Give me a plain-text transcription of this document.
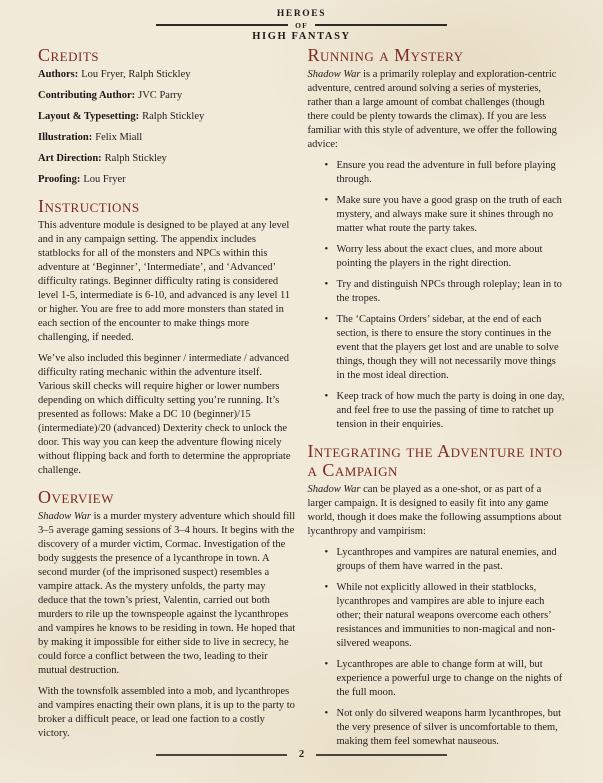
HEROES
OF
HIGH FANTASY
Credits

Authors: Lou Fryer, Ralph Stickley

Contributing Author: JVC Parry

Layout & Typesetting: Ralph Stickley

Illustration: Felix Miall

Art Direction: Ralph Stickley

Proofing: Lou Fryer

Instructions

This adventure module is designed to be played at any level and in any campaign setting. The appendix includes statblocks for all of the monsters and NPCs within this adventure at ‘Beginner’, ‘Intermediate’, and ‘Advanced’ difficulty ratings. Beginner difficulty rating is considered level 1-5, intermediate is 6-10, and advanced is any level 11 or higher. You are free to add more monsters than stated in each section of the encounter to make things more challenging, if needed.

We’ve also included this beginner / intermediate / advanced difficulty rating mechanic within the adventure itself. Various skill checks will require higher or lower numbers depending on which difficulty setting you’re running. It’s presented as follows: Make a DC 10 (beginner)/15 (intermediate)/20 (advanced) Dexterity check to unlock the door. This way you can keep the adventure flowing nicely without flipping back and forth to determine the appropriate challenge.

Overview

Shadow War is a murder mystery adventure which should fill 3–5 average gaming sessions of 3–4 hours. It begins with the discovery of a murder victim, Cormac. Investigation of the body suggests the presence of a lycanthrope in town. A second murder (of the imprisoned suspect) resembles a vampire attack. As the mystery unfolds, the party may deduce that the town’s priest, Valentin, carried out both murders to rile up the townspeople against the lycanthropes and vampires he knows to be residing in town. He hoped that by making it impossible for either side to live in secrecy, he could force a conflict between the two, leading to their mutual destruction.

With the townsfolk assembled into a mob, and lycanthropes and vampires enacting their own plans, it is up to the party to broker a difficult peace, or lead one faction to a costly victory.

Running a Mystery

Shadow War is a primarily roleplay and exploration-centric adventure, centred around solving a series of mysteries, rather than a large amount of combat challenges (though there could be plenty towards the climax). If you are less familiar with this style of adventure, we offer the following advice:

• Ensure you read the adventure in full before playing through.
• Make sure you have a good grasp on the truth of each mystery, and always make sure it shines through no matter what route the party takes.
• Worry less about the exact clues, and more about pointing the players in the right direction.
• Try and distinguish NPCs through roleplay; lean in to the tropes.
• The ‘Captains Orders’ sidebar, at the end of each section, is there to ensure the story continues in the event that the players get lost and are unable to solve things, though they will not necessarily move things in the most ideal direction.
• Keep track of how much the party is doing in one day, and feel free to use the passing of time to ratchet up tension in their enquiries.
Integrating the Adventure into a Campaign

Shadow War can be played as a one-shot, or as part of a larger campaign. It is designed to easily fit into any game world, though it does make the following assumptions about lycanthropy and vampirism:

• Lycanthropes and vampires are natural enemies, and groups of them have warred in the past.
• While not explicitly allowed in their statblocks, lycanthropes and vampires are able to injure each other; their natural weapons overcome each others’ resistances and immunities to non-magical and non-silvered weapons.
• Lycanthropes are able to change form at will, but experience a powerful urge to change on the nights of the full moon.
• Not only do silvered weapons harm lycanthropes, but the very presence of silver is uncomfortable to them, making them feel somewhat nauseous.
2
